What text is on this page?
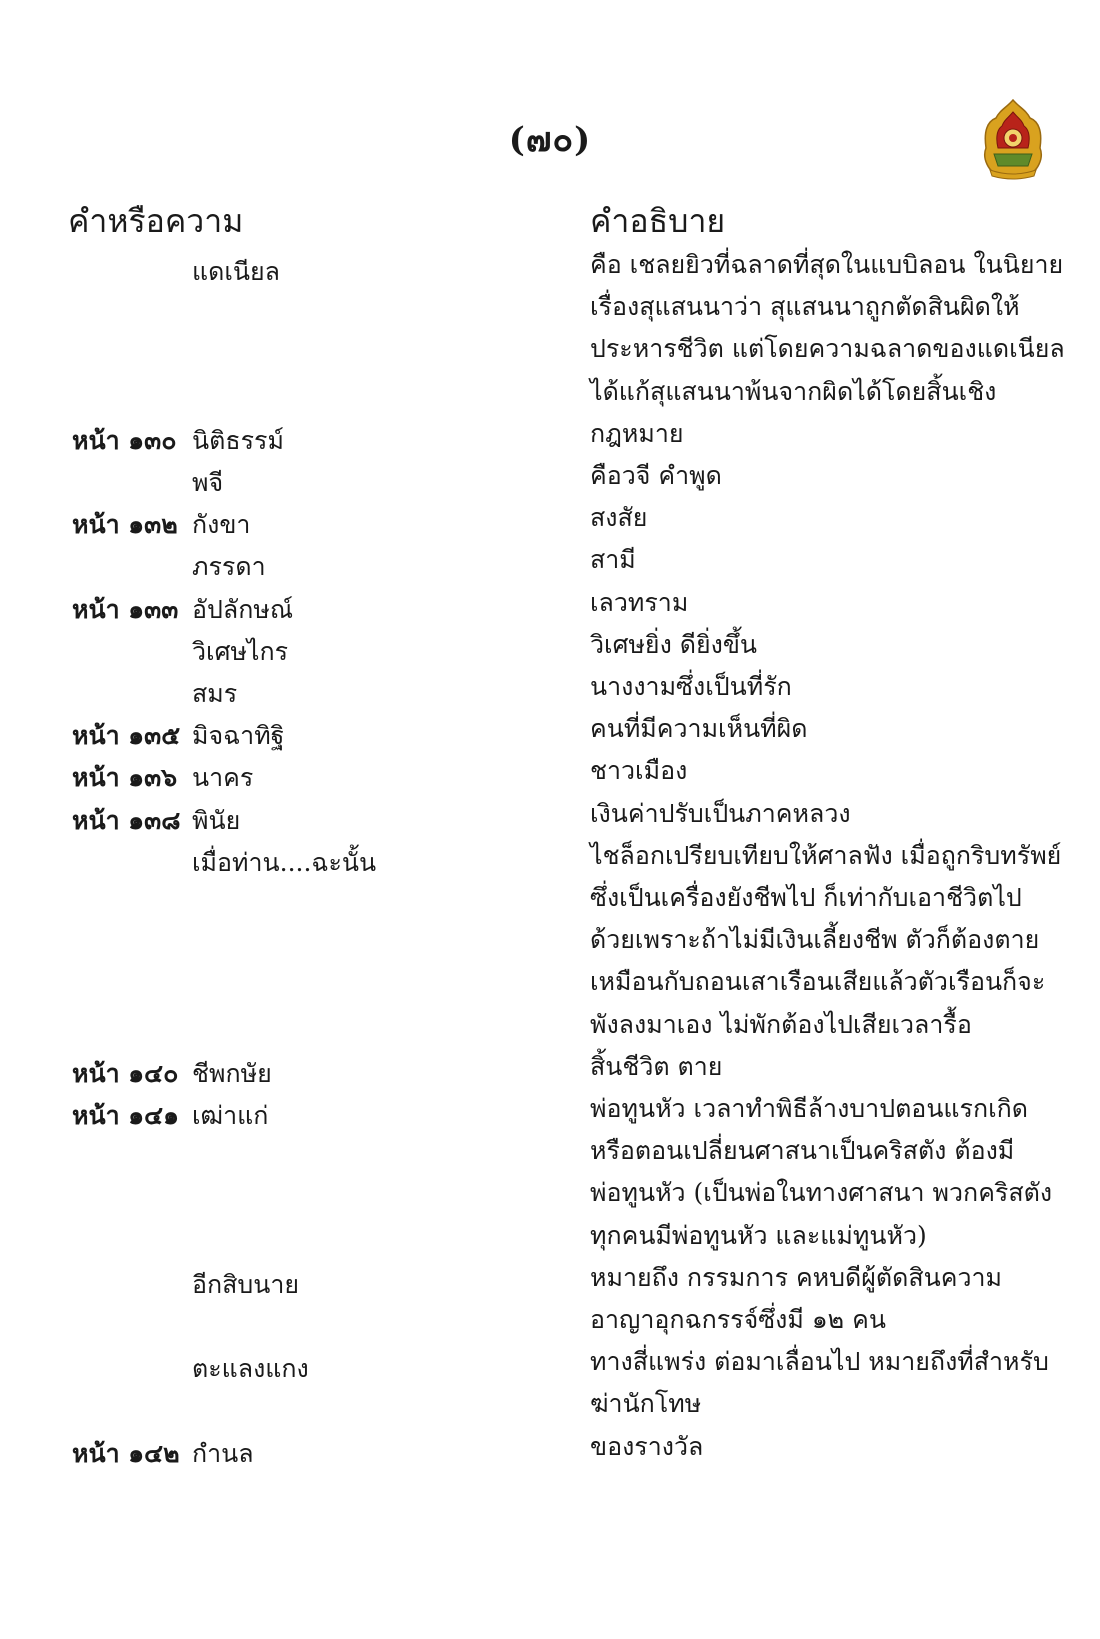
(๗๐)
คำหรือความ	คำอธิบาย
แดเนียล	คือ เชลยยิวที่ฉลาดที่สุดในแบบิลอน ในนิยาย
เรื่องสุแสนนาว่า สุแสนนาถูกตัดสินผิดให้
ประหารชีวิต แต่โดยความฉลาดของแดเนียล
ได้แก้สุแสนนาพ้นจากผิดได้โดยสิ้นเชิง
หน้า ๑๓๐ นิติธรรม์	กฎหมาย
พจี	คือวจี คำพูด
หน้า ๑๓๒ กังขา	สงสัย
ภรรดา	สามี
หน้า ๑๓๓ อัปลักษณ์	เลวทราม
วิเศษไกร	วิเศษยิ่ง ดียิ่งขึ้น
สมร	นางงามซึ่งเป็นที่รัก
หน้า ๑๓๕ มิจฉาทิฐิ	คนที่มีความเห็นที่ผิด
หน้า ๑๓๖ นาคร	ชาวเมือง
หน้า ๑๓๘ พินัย	เงินค่าปรับเป็นภาคหลวง
เมื่อท่าน....ฉะนั้น	ไชล็อกเปรียบเทียบให้ศาลฟัง เมื่อถูกริบทรัพย์
ซึ่งเป็นเครื่องยังชีพไป ก็เท่ากับเอาชีวิตไป
ด้วยเพราะถ้าไม่มีเงินเลี้ยงชีพ ตัวก็ต้องตาย
เหมือนกับถอนเสาเรือนเสียแล้วตัวเรือนก็จะ
พังลงมาเอง ไม่พักต้องไปเสียเวลารื้อ
หน้า ๑๔๐ ชีพกษัย	สิ้นชีวิต ตาย
หน้า ๑๔๑ เฒ่าแก่	พ่อทูนหัว เวลาทำพิธีล้างบาปตอนแรกเกิด
หรือตอนเปลี่ยนศาสนาเป็นคริสตัง ต้องมี
พ่อทูนหัว (เป็นพ่อในทางศาสนา พวกคริสตัง
ทุกคนมีพ่อทูนหัว และแม่ทูนหัว)
อีกสิบนาย	หมายถึง กรรมการ คหบดีผู้ตัดสินความ
อาญาอุกฉกรรจ์ซึ่งมี ๑๒ คน
ตะแลงแกง	ทางสี่แพร่ง ต่อมาเลื่อนไป หมายถึงที่สำหรับ
ฆ่านักโทษ
หน้า ๑๔๒ กำนล	ของรางวัล
